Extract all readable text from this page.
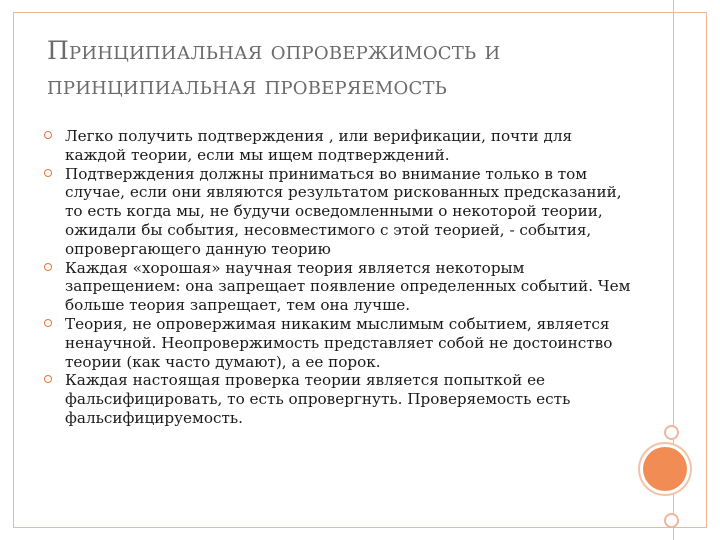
Принципиальная опровержимость и
принципиальная проверяемость
Легко получить подтверждения , или верификации, почти для каждой теории, если мы ищем подтверждений.
Подтверждения должны приниматься во внимание только в том случае, если они являются результатом рискованных предсказаний, то есть когда мы, не будучи осведомленными о некоторой теории, ожидали бы события, несовместимого с этой теорией, - события, опровергающего данную теорию
Каждая «хорошая» научная теория является некоторым запрещением: она запрещает появление определенных событий. Чем больше теория запрещает, тем она лучше.
Теория, не опровержимая никаким мыслимым событием, является ненаучной. Неопровержимость представляет собой не достоинство теории (как часто думают), а ее порок.
Каждая настоящая проверка теории является попыткой ее фальсифицировать, то есть опровергнуть. Проверяемость есть фальсифицируемость.
